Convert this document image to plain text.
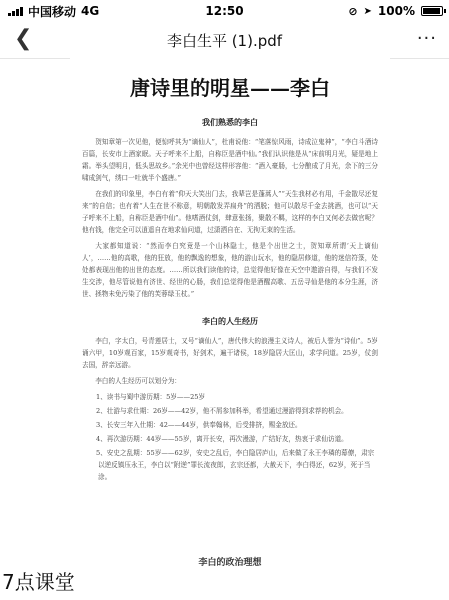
中国移动 4G	12:50	⊘ ➤ 100%
❮	李白生平 (1).pdf	···
唐诗里的明星——李白
我们熟悉的李白

贺知章第一次见他，便惊呼其为“谪仙人”，杜甫说他：“笔落惊风雨，诗成泣鬼神”，“李白斗酒诗百篇，长安市上酒家眠。天子呼来不上船，自称臣是酒中仙。”我们认识他是从“床前明月光，疑是地上霜。举头望明月，低头思故乡。”余光中也曾经这样形容他：“酒入豪肠，七分酿成了月光，余下的三分啸成剑气，绣口一吐就半个盛唐。”

在我们的印象里，李白有着“仰天大笑出门去，我辈岂是蓬蒿人”“天生我材必有用，千金散尽还复来”的自信；也有着“人生在世不称意，明朝散发弄扁舟”的洒脱；他可以散尽千金去挑酒，也可以“天子呼来不上船，自称臣是酒中仙”。他嗜酒仗剑，肆意张扬，聚散不羁，这样的李白又何必去做官呢？他有钱，他完全可以逍遥自在地求仙问道，过潇洒自在、无拘无束的生活。

大家都知道说：“然而李白究竟是一个山林隐士，他是个出世之士，贺知章所谓‘天上谪仙人’，……他的高歌，他的狂放，他的飘逸的想象，他的游山玩水，他的隐居修道，他的迷信符箓，处处都表现出他的出世的态度。……所以我们读他的诗，总觉得他好像在天空中遨游自得，与我们不发生交涉，他尽管说他有济世、经世的心肠，我们总觉得他是酒醒高歌、五岳寻仙是他的本分生涯，济世、拯物未免污染了他的芙蓉绿玉杖。”

李白的人生经历

李白，字太白，号青莲居士，又号“谪仙人”，唐代伟大的浪漫主义诗人，被后人誉为“诗仙”。5岁诵六甲，10岁观百家，15岁观奇书，好剑术，遍干诸侯，18岁隐居大匡山，求学问道。25岁，仗剑去国，辞亲远游。

李白的人生经历可以划分为：

1、读书与蜀中游历期：5岁——25岁

2、壮游与求仕期：26岁——42岁，他不屑参加科举，希望通过漫游得到求荐的机会。

3、长安三年入仕期：42——44岁，供奉翰林，后受排挤，赐金放还。

4、再次游历期：44岁——55岁，离开长安，再次漫游，广结好友，热衷于求仙访道。

5、安史之乱期：55岁——62岁，安史之乱后，李白隐居庐山，后来做了永王李璘的幕僚，肃宗以逆反镇压永王，李白以“附逆”罪长流夜郎，玄宗还都，大赦天下，李白得还，62岁，死于当涂。

李白的政治理想
7点课堂
